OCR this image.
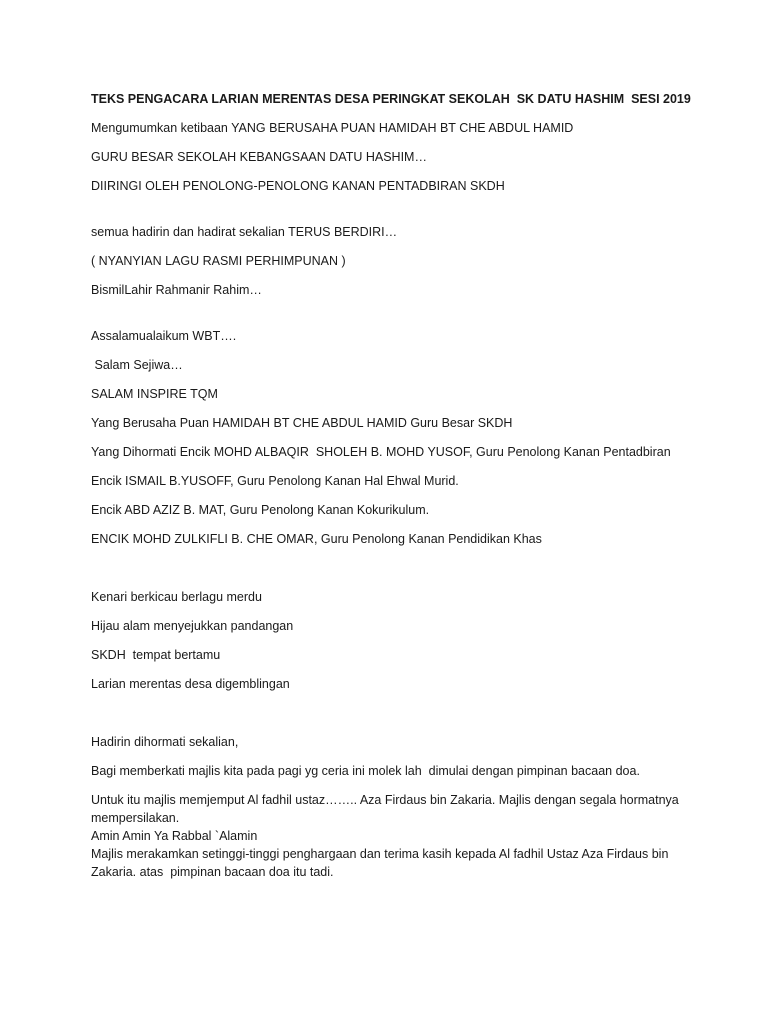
TEKS PENGACARA LARIAN MERENTAS DESA PERINGKAT SEKOLAH  SK DATU HASHIM  SESI 2019

Mengumumkan ketibaan YANG BERUSAHA PUAN HAMIDAH BT CHE ABDUL HAMID

GURU BESAR SEKOLAH KEBANGSAAN DATU HASHIM…

DIIRINGI OLEH PENOLONG-PENOLONG KANAN PENTADBIRAN SKDH

semua hadirin dan hadirat sekalian TERUS BERDIRI…

( NYANYIAN LAGU RASMI PERHIMPUNAN )

BismilLahir Rahmanir Rahim…

Assalamualaikum WBT….

Salam Sejiwa…

SALAM INSPIRE TQM

Yang Berusaha Puan HAMIDAH BT CHE ABDUL HAMID Guru Besar SKDH

Yang Dihormati Encik MOHD ALBAQIR  SHOLEH B. MOHD YUSOF, Guru Penolong Kanan Pentadbiran

Encik ISMAIL B.YUSOFF, Guru Penolong Kanan Hal Ehwal Murid.

Encik ABD AZIZ B. MAT, Guru Penolong Kanan Kokurikulum.

ENCIK MOHD ZULKIFLI B. CHE OMAR, Guru Penolong Kanan Pendidikan Khas

Kenari berkicau berlagu merdu

Hijau alam menyejukkan pandangan

SKDH  tempat bertamu

Larian merentas desa digemblingan

Hadirin dihormati sekalian,

Bagi memberkati majlis kita pada pagi yg ceria ini molek lah  dimulai dengan pimpinan bacaan doa.

Untuk itu majlis memjemput Al fadhil ustaz…….. Aza Firdaus bin Zakaria. Majlis dengan segala hormatnya mempersilakan.

Amin Amin Ya Rabbal `Alamin

Majlis merakamkan setinggi-tinggi penghargaan dan terima kasih kepada Al fadhil Ustaz Aza Firdaus bin Zakaria. atas  pimpinan bacaan doa itu tadi.
